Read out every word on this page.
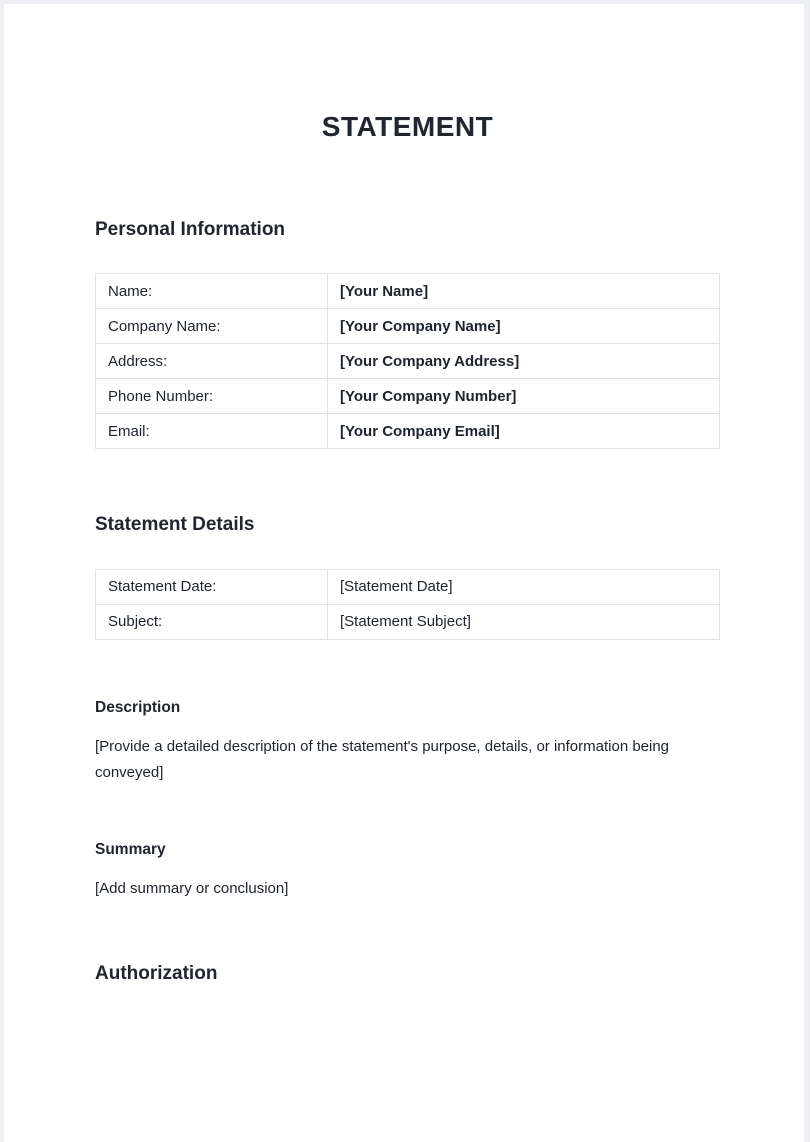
STATEMENT
Personal Information
Name:	[Your Name]
Company Name:	[Your Company Name]
Address:	[Your Company Address]
Phone Number:	[Your Company Number]
Email:	[Your Company Email]
Statement Details
Statement Date:	[Statement Date]
Subject:	[Statement Subject]
Description

[Provide a detailed description of the statement's purpose, details, or information being conveyed]

Summary

[Add summary or conclusion]

Authorization
